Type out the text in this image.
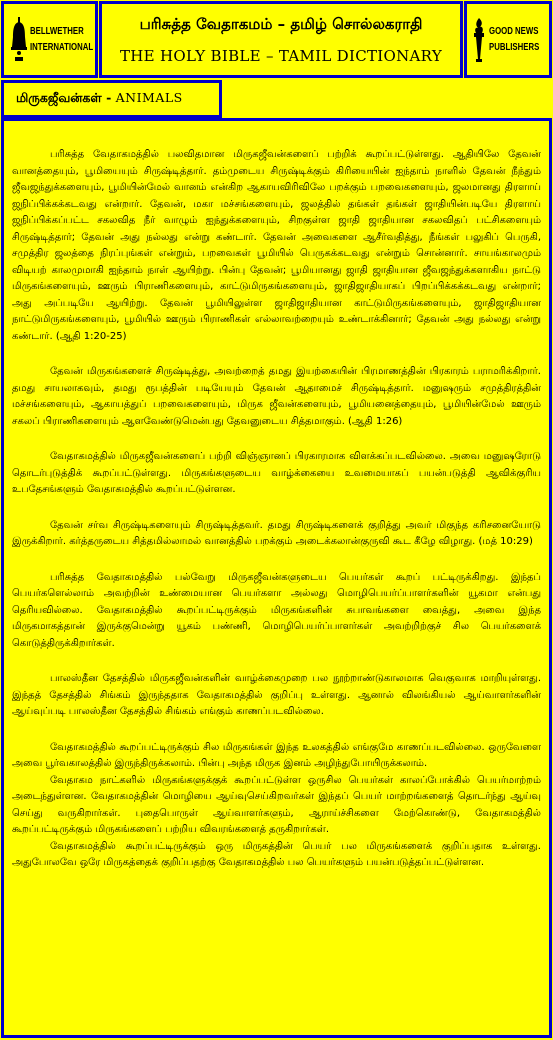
BELLWETHER
INTERNATIONAL
பரிசுத்த வேதாகமம் – தமிழ் சொல்லகராதி
THE HOLY BIBLE – TAMIL DICTIONARY
GOOD NEWS
PUBLISHERS
மிருகஜீவன்கள் - ANIMALS

பரிசுத்த வேதாகமத்தில் பலவிதமான மிருகஜீவன்களைப் பற்றிக் கூறப்பட்டுள்ளது. ஆதியிலே தேவன் வானத்தையும், பூமியையும் சிருஷ்டித்தார். தம்முடைய சிருஷ்டிக்கும் கிரியையின் ஐந்தாம் நாளில் தேவன் நீந்தும் ஜீவஜந்துக்களையும், பூமியின்மேல் வானம் என்கிற ஆகாயவிரிவிலே பறக்கும் பறவைகளையும், ஜலமானது திரளாய் ஜநிப்பிக்கக்கடவது என்றார். தேவன், மகா மச்சங்களையும், ஜலத்தில் தங்கள் தங்கள் ஜாதியின்படியே திரளாய் ஜநிப்பிக்கப்பட்ட சகலவித நீர் வாழும் ஐந்துக்களையும், சிறகுள்ள ஜாதி ஜாதியான சகலவிதப் பட்சிகளையும் சிருஷ்டித்தார்; தேவன் அது நல்லது என்று கண்டார். தேவன் அவைகளை ஆசீர்வதித்து, நீங்கள் பலுகிப் பெருகி, சமுத்திர ஜலத்தை நிரப்புங்கள் என்றும், பறவைகள் பூமியில் பெருகக்கடவது என்றும் சொன்னார். சாயங்காலமும் விடியற் காலமுமாகி ஐந்தாம் நாள் ஆயிற்று. பின்பு தேவன்; பூமியானது ஜாதி ஜாதியான ஜீவஜந்துக்களாகிய நாட்டு மிருகங்களையும், ஊரும் பிராணிகளையும், காட்டுமிருகங்களையும், ஜாதிஜாதியாகப் பிறப்பிக்கக்கடவது என்றார்; அது அப்படியே ஆயிற்று. தேவன் பூமியிலுள்ள ஜாதிஜாதியான காட்டுமிருகங்களையும், ஜாதிஜாதியான நாட்டுமிருகங்களையும், பூமியில் ஊரும் பிராணிகள் எல்லாவற்றையும் உண்டாக்கினார்; தேவன் அது நல்லது என்று கண்டார். (ஆதி 1:20-25)

தேவன் மிருகங்களைச் சிருஷ்டித்து, அவற்றைத் தமது இயற்கையின் பிரமாணத்தின் பிரகாரம் பராமரிக்கிறார். தமது சாயலாகவும், தமது ரூபத்தின் படியேயும் தேவன் ஆதாமைச் சிருஷ்டித்தார். மனுஷரும் சமுத்திரத்தின் மச்சங்களையும், ஆகாயத்துப் பறவைகளையும், மிருக ஜீவன்களையும், பூமியனைத்தையும், பூமியின்மேல் ஊரும் சகலப் பிராணிகளையும் ஆளவேண்டுமென்பது தேவனுடைய சித்தமாகும். (ஆதி 1:26)

வேதாகமத்தில் மிருகஜீவன்களைப் பற்றி விஞ்ஞானப் பிரகாரமாக விளக்கப்படவில்லை. அவை மனுஷரோடு தொடர்புடுத்திக் கூறப்பட்டுள்ளது. மிருகங்களுடைய வாழ்க்கையை உவமையாகப் பயன்படுத்தி ஆவிக்குரிய உபதேசங்களும் வேதாகமத்தில் கூறப்பட்டுள்ளன.

தேவன் சர்வ சிருஷ்டிகளையும் சிருஷ்டித்தவர். தமது சிருஷ்டிகளைக் குறித்து அவர் மிகுந்த கரிசனையோடு இருக்கிறார். கர்த்தருடைய சித்தமில்லாமல் வானத்தில் பறக்கும் அடைக்கலான்குருவி கூட கீழே விழாது. (மத் 10:29)

பரிசுத்த வேதாகமத்தில் பல்வேறு மிருகஜீவன்களுடைய பெயர்கள் கூறப் பட்டிருக்கிறது. இந்தப் பெயர்களெல்லாம் அவற்றின் உண்மையான பெயர்களா அல்லது மொழிபெயர்ப்பாளர்களின் யூகமா என்பது தெரியவில்லை. வேதாகமத்தில் கூறப்பட்டிருக்கும் மிருகங்களின் சுபாவங்களை வைத்து, அவை இந்த மிருகமாகத்தான் இருக்குமென்று யூகம் பண்ணி, மொழிபெயர்ப்பாளர்கள் அவற்றிற்குச் சில பெயர்களைக் கொடுத்திருக்கிறார்கள்.

பாலஸ்தீன தேசத்தில் மிருகஜீவன்களின் வாழ்க்கைமுறை பல நூற்றாண்டுகாலமாக வெகுவாக மாறியுள்ளது. இந்தத் தேசத்தில் சிங்கம் இருந்ததாக வேதாகமத்தில் குறிப்பு உள்ளது. ஆனால் விலங்கியல் ஆய்வாளர்களின் ஆய்வுப்படி பாலஸ்தீன தேசத்தில் சிங்கம் எங்கும் காணப்படவில்லை.

வேதாகமத்தில் கூறப்பட்டிருக்கும் சில மிருகங்கள் இந்த உலகத்தில் எங்குமே காணப்படவில்லை. ஒருவேளை அவை பூர்வகாலத்தில் இருந்திருக்கலாம். பின்பு அந்த மிருக இனம் அழிந்துபோயிருக்கலாம்.

வேதாகம நாட்களில் மிருகங்களுக்குக் கூறப்பட்டுள்ள ஒருசில பெயர்கள் காலப்போக்கில் பெயர்மாற்றம் அடைந்துள்ளன. வேதாகமத்தின் மொழியை ஆய்வுசெய்கிறவர்கள் இந்தப் பெயர் மாற்றங்களைத் தொடர்ந்து ஆய்வு செய்து வருகிறார்கள். புதைபொருள் ஆய்வாளர்களும், ஆராய்ச்சிகளை மேற்கொண்டு, வேதாகமத்தில் கூறப்பட்டிருக்கும் மிருகங்களைப் பற்றிய விவரங்களைத் தருகிறார்கள்.

வேதாகமத்தில் கூறப்பட்டிருக்கும் ஒரு மிருகத்தின் பெயர் பல மிருகங்களைக் குறிப்பதாக உள்ளது. அதுபோலவே ஒரே மிருகத்தைக் குறிப்பதற்கு வேதாகமத்தில் பல பெயர்களும் பயன்படுத்தப்பட்டுள்ளன.
